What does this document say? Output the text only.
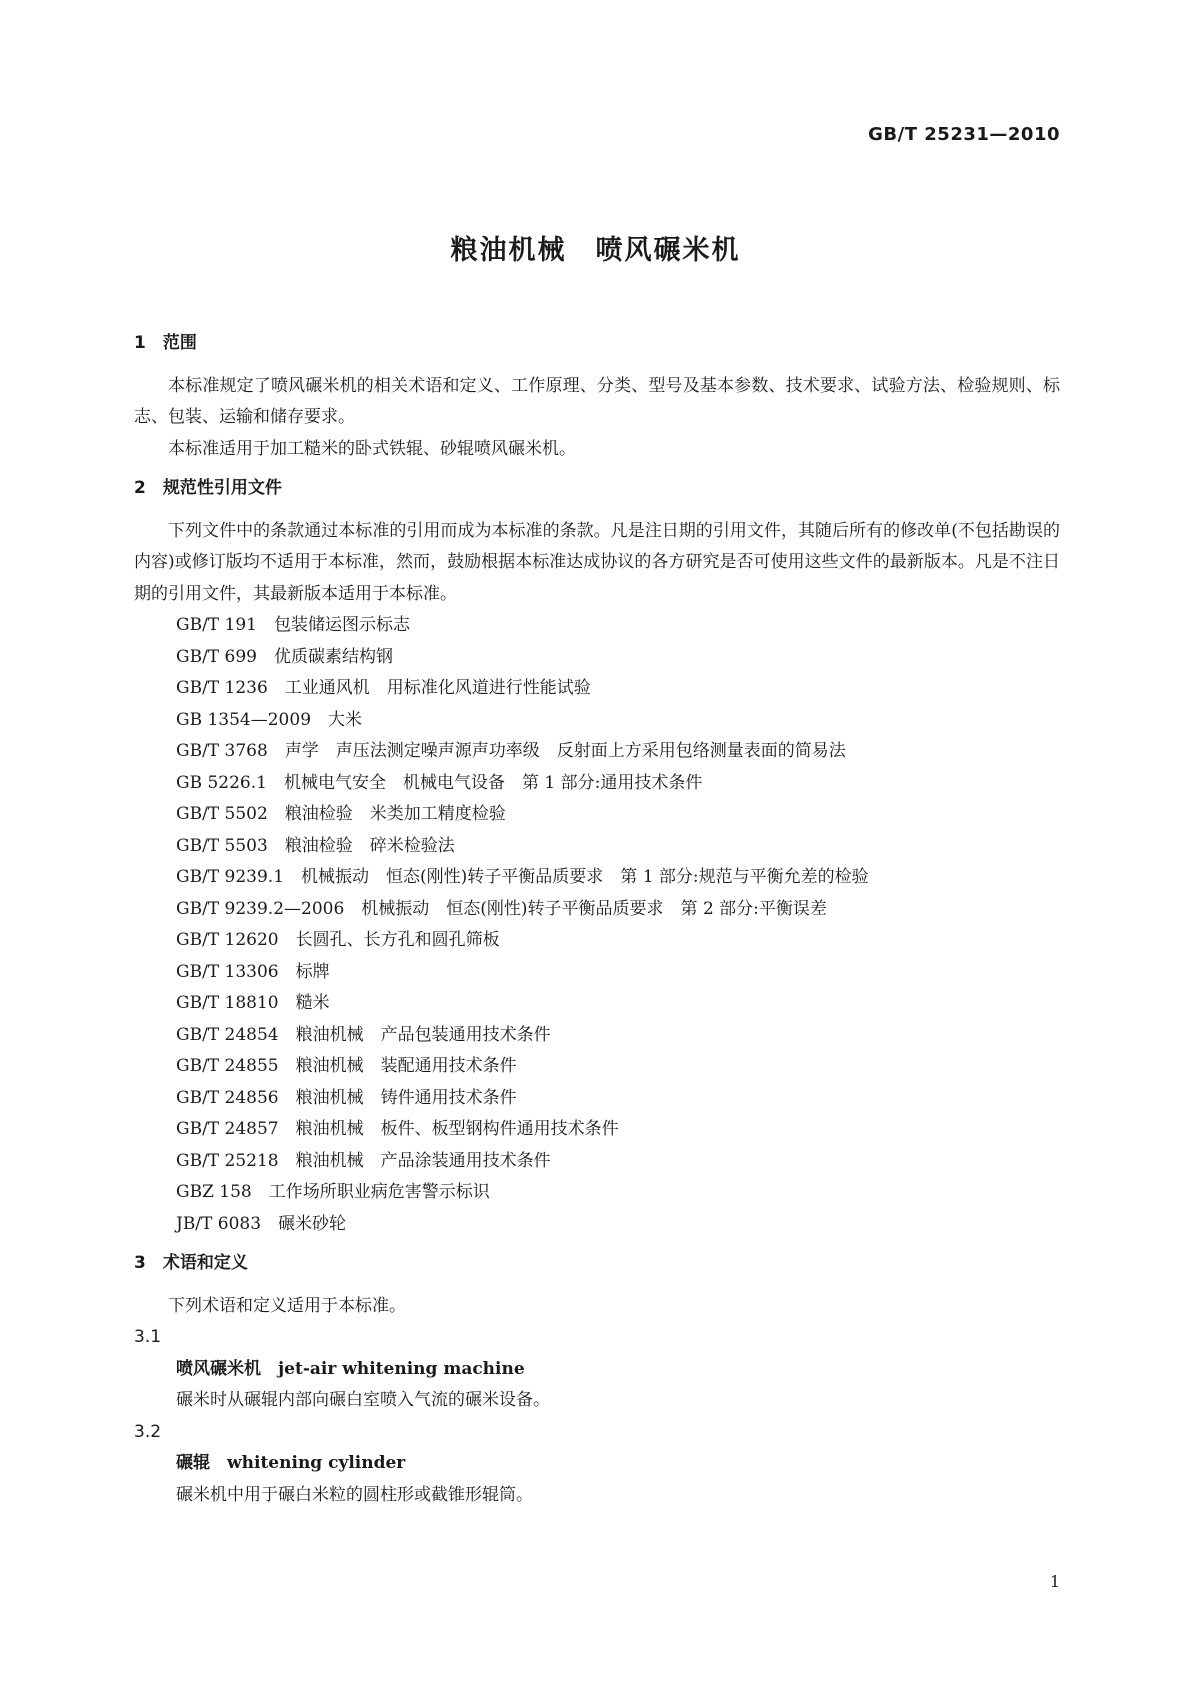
GB/T 25231—2010
粮油机械　喷风碾米机
1　范围
本标准规定了喷风碾米机的相关术语和定义、工作原理、分类、型号及基本参数、技术要求、试验方法、检验规则、标志、包装、运输和储存要求。
本标准适用于加工糙米的卧式铁辊、砂辊喷风碾米机。
2　规范性引用文件
下列文件中的条款通过本标准的引用而成为本标准的条款。凡是注日期的引用文件，其随后所有的修改单(不包括勘误的内容)或修订版均不适用于本标准，然而，鼓励根据本标准达成协议的各方研究是否可使用这些文件的最新版本。凡是不注日期的引用文件，其最新版本适用于本标准。
GB/T 191　 包装储运图示标志
GB/T 699　 优质碳素结构钢
GB/T 1236　 工业通风机　用标准化风道进行性能试验
GB 1354—2009　 大米
GB/T 3768　 声学　声压法测定噪声源声功率级　反射面上方采用包络测量表面的简易法
GB 5226.1　 机械电气安全　机械电气设备　第 1 部分:通用技术条件
GB/T 5502　 粮油检验　米类加工精度检验
GB/T 5503　 粮油检验　碎米检验法
GB/T 9239.1　 机械振动　恒态(刚性)转子平衡品质要求　第 1 部分:规范与平衡允差的检验
GB/T 9239.2—2006　 机械振动　恒态(刚性)转子平衡品质要求　第 2 部分:平衡误差
GB/T 12620　 长圆孔、长方孔和圆孔筛板
GB/T 13306　 标牌
GB/T 18810　 糙米
GB/T 24854　 粮油机械　产品包装通用技术条件
GB/T 24855　 粮油机械　装配通用技术条件
GB/T 24856　 粮油机械　铸件通用技术条件
GB/T 24857　 粮油机械　板件、板型钢构件通用技术条件
GB/T 25218　 粮油机械　产品涂装通用技术条件
GBZ 158　 工作场所职业病危害警示标识
JB/T 6083　 碾米砂轮
3　术语和定义
下列术语和定义适用于本标准。
3.1
喷风碾米机　 jet-air whitening machine
碾米时从碾辊内部向碾白室喷入气流的碾米设备。
3.2
碾辊　 whitening cylinder
碾米机中用于碾白米粒的圆柱形或截锥形辊筒。
1
